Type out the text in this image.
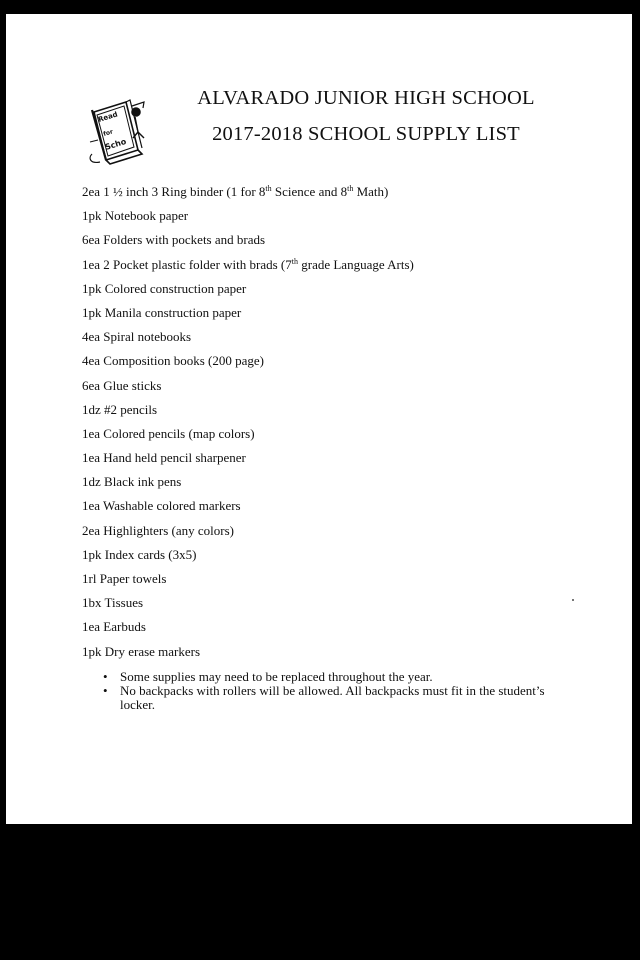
Read
for
Scho
ALVARADO JUNIOR HIGH SCHOOL
2017-2018 SCHOOL SUPPLY LIST
2ea 1 ½ inch 3 Ring binder (1 for 8th Science and 8th Math)
1pk Notebook paper
6ea Folders with pockets and brads
1ea 2 Pocket plastic folder with brads (7th grade Language Arts)
1pk Colored construction paper
1pk Manila construction paper
4ea Spiral notebooks
4ea Composition books (200 page)
6ea Glue sticks
1dz #2 pencils
1ea Colored pencils (map colors)
1ea Hand held pencil sharpener
1dz Black ink pens
1ea Washable colored markers
2ea Highlighters (any colors)
1pk Index cards (3x5)
1rl Paper towels
1bx Tissues
1ea Earbuds
1pk Dry erase markers
• Some supplies may need to be replaced throughout the year.
• No backpacks with rollers will be allowed. All backpacks must fit in the student’s locker.
